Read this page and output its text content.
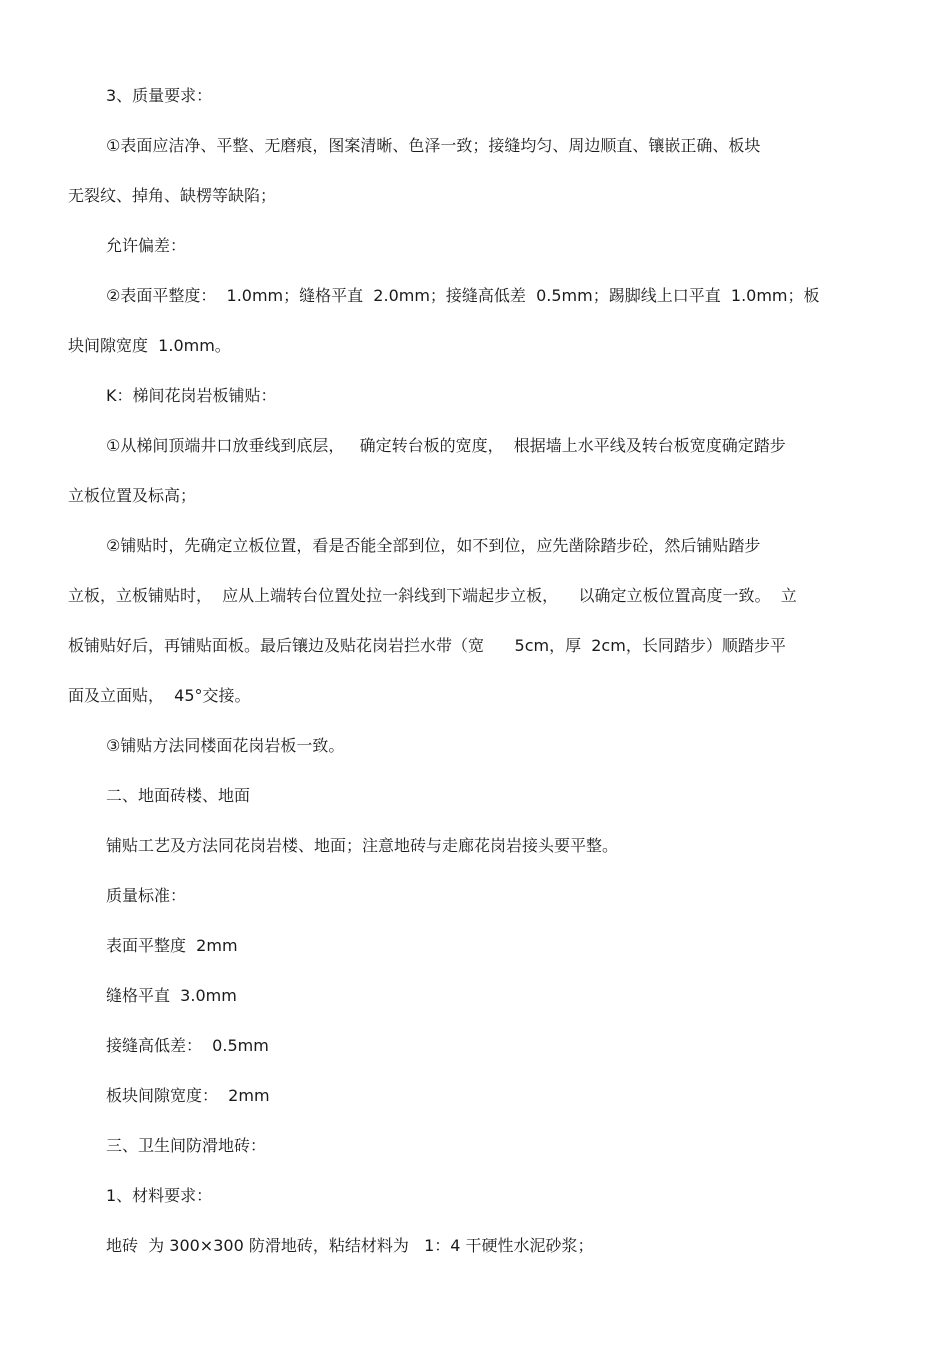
3、质量要求：
①表面应洁净、平整、无磨痕，图案清晰、色泽一致；接缝均匀、周边顺直、镶嵌正确、板块
无裂纹、掉角、缺楞等缺陷；
允许偏差：
②表面平整度：  1.0mm；缝格平直  2.0mm；接缝高低差  0.5mm；踢脚线上口平直  1.0mm；板
块间隙宽度  1.0mm。
K：梯间花岗岩板铺贴：
①从梯间顶端井口放垂线到底层，   确定转台板的宽度，  根据墙上水平线及转台板宽度确定踏步
立板位置及标高；
②铺贴时，先确定立板位置，看是否能全部到位，如不到位，应先凿除踏步砼，然后铺贴踏步
立板，立板铺贴时，  应从上端转台位置处拉一斜线到下端起步立板，    以确定立板位置高度一致。  立
板铺贴好后，再铺贴面板。最后镶边及贴花岗岩拦水带（宽      5cm，厚  2cm，长同踏步）顺踏步平
面及立面贴，  45°交接。
③铺贴方法同楼面花岗岩板一致。
二、地面砖楼、地面
铺贴工艺及方法同花岗岩楼、地面；注意地砖与走廊花岗岩接头要平整。
质量标准：
表面平整度  2mm
缝格平直  3.0mm
接缝高低差：  0.5mm
板块间隙宽度：  2mm
三、卫生间防滑地砖：
1、材料要求：
地砖  为 300×300 防滑地砖，粘结材料为   1：4 干硬性水泥砂浆；
